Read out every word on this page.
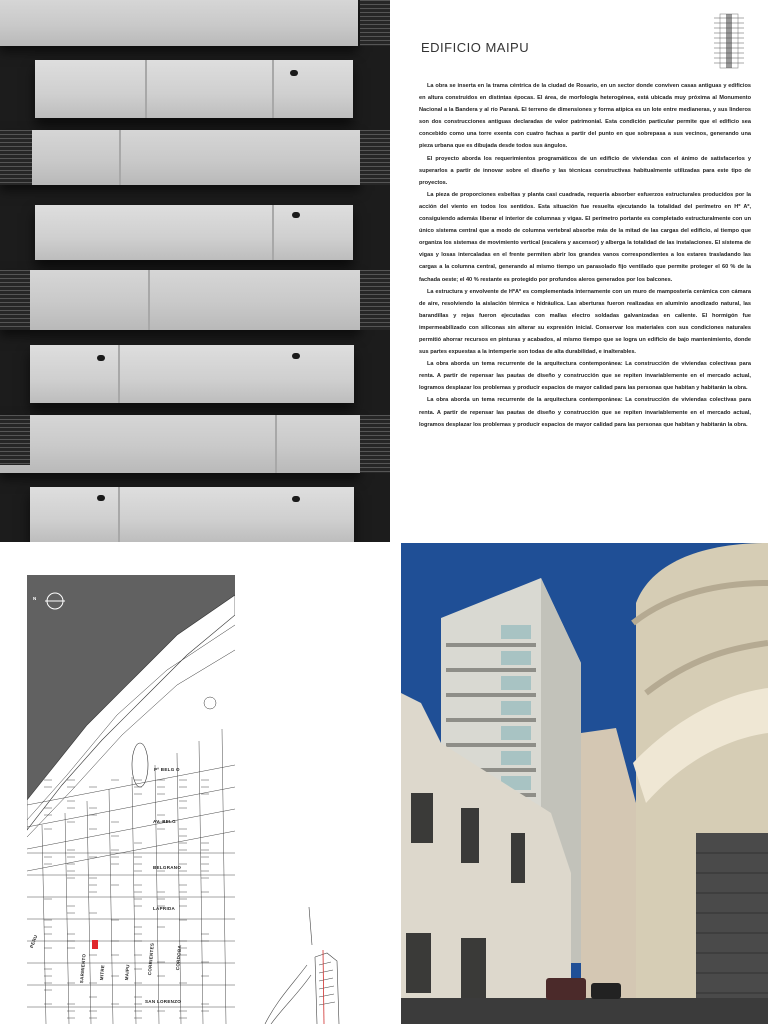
EDIFICIO MAIPU

La obra se inserta en la trama céntrica de la ciudad de Rosario, en un sector donde conviven casas antiguas y edificios en altura construidos en distintas épocas. El área, de morfología heterogénea, está ubicada muy próxima al Monumento Nacional a la Bandera y al río Paraná. El terreno de dimensiones y forma atípica es un lote entre medianeras, y sus linderos son dos construcciones antiguas declaradas de valor patrimonial. Esta condición particular permite que el edificio sea concebido como una torre exenta con cuatro fachas a partir del punto en que sobrepasa a sus vecinos, generando una pieza urbana que es dibujada desde todos sus ángulos.

El proyecto aborda los requerimientos programáticos de un edificio de viviendas con el ánimo de satisfacerlos y superarlos a partir de innovar sobre el diseño y las técnicas constructivas habitualmente utilizadas para este tipo de proyectos.

La pieza de proporciones esbeltas y planta casi cuadrada, requería absorber esfuerzos estructurales producidos por la acción del viento en todos los sentidos. Esta situación fue resuelta ejecutando la totalidad del perímetro en Hº Aº, consiguiendo además liberar el interior de columnas y vigas. El perímetro portante es completado estructuralmente con un único sistema central que a modo de columna vertebral absorbe más de la mitad de las cargas del edificio, al tiempo que organiza los sistemas de movimiento vertical (escalera y ascensor) y alberga la totalidad de las instalaciones. El sistema de vigas y losas intercaladas en el frente permiten abrir los grandes vanos correspondientes a los estares trasladando las cargas a la columna central, generando al mismo tiempo un parasolado fijo ventilado que permite proteger el 60 % de la fachada oeste; el 40 % restante es protegido por profundos aleros generados por los balcones.

La estructura y envolvente de HºAº es complementada internamente con un muro de mampostería cerámica con cámara de aire, resolviendo la aislación térmica e hidráulica. Las aberturas fueron realizadas en aluminio anodizado natural, las barandillas y rejas fueron ejecutadas con mallas electro soldadas galvanizadas en caliente. El hormigón fue impermeabilizado con siliconas sin alterar su expresión inicial. Conservar los materiales con sus condiciones naturales permitió ahorrar recursos en pinturas y acabados, al mismo tiempo que se logra un edificio de bajo mantenimiento, donde sus partes expuestas a la intemperie son todas de alta durabilidad, e inalterables.

La obra aborda un tema recurrente de la arquitectura contemporánea: La construcción de viviendas colectivas para renta. A partir de repensar las pautas de diseño y construcción que se repiten invariablemente en el mercado actual, logramos desplazar los problemas y producir espacios de mayor calidad para las personas que habitan y habitarán la obra.

La obra aborda un tema recurrente de la arquitectura contemporánea: La construcción de viviendas colectivas para renta. A partir de repensar las pautas de diseño y construcción que se repiten invariablemente en el mercado actual, logramos desplazar los problemas y producir espacios de mayor calidad para las personas que habitan y habitarán la obra.

N
Pº BELG O
AV. BELG
BELGRANO
LAPRIDA
SAN LORENZO
PERU
SARMIENTO	MITRE	MAIPU	CORRIENTES	CORDOBA
